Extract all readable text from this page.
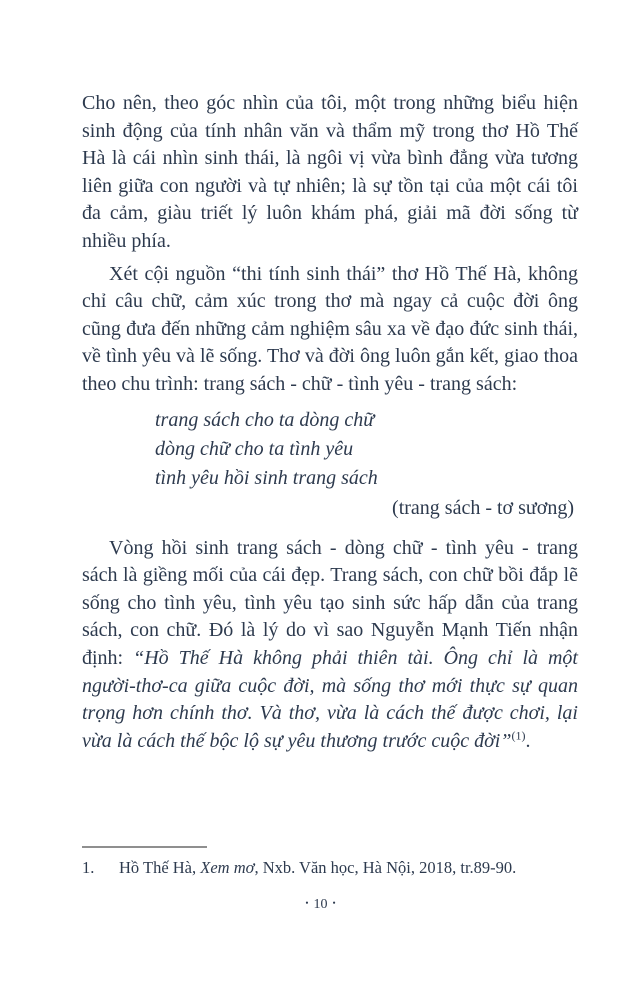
Cho nên, theo góc nhìn của tôi, một trong những biểu hiện sinh động của tính nhân văn và thẩm mỹ trong thơ Hồ Thế Hà là cái nhìn sinh thái, là ngôi vị vừa bình đẳng vừa tương liên giữa con người và tự nhiên; là sự tồn tại của một cái tôi đa cảm, giàu triết lý luôn khám phá, giải mã đời sống từ nhiều phía.

Xét cội nguồn “thi tính sinh thái” thơ Hồ Thế Hà, không chỉ câu chữ, cảm xúc trong thơ mà ngay cả cuộc đời ông cũng đưa đến những cảm nghiệm sâu xa về đạo đức sinh thái, về tình yêu và lẽ sống. Thơ và đời ông luôn gắn kết, giao thoa theo chu trình: trang sách - chữ - tình yêu - trang sách:

trang sách cho ta dòng chữ
dòng chữ cho ta tình yêu
tình yêu hồi sinh trang sách
(trang sách - tơ sương)

Vòng hồi sinh trang sách - dòng chữ - tình yêu - trang sách là giềng mối của cái đẹp. Trang sách, con chữ bồi đắp lẽ sống cho tình yêu, tình yêu tạo sinh sức hấp dẫn của trang sách, con chữ. Đó là lý do vì sao Nguyễn Mạnh Tiến nhận định: “Hồ Thế Hà không phải thiên tài. Ông chỉ là một người-thơ-ca giữa cuộc đời, mà sống thơ mới thực sự quan trọng hơn chính thơ. Và thơ, vừa là cách thế được chơi, lại vừa là cách thế bộc lộ sự yêu thương trước cuộc đời”$^{(1)}$.

1. Hồ Thế Hà, Xem mơ, Nxb. Văn học, Hà Nội, 2018, tr.89-90.

• 10 •
